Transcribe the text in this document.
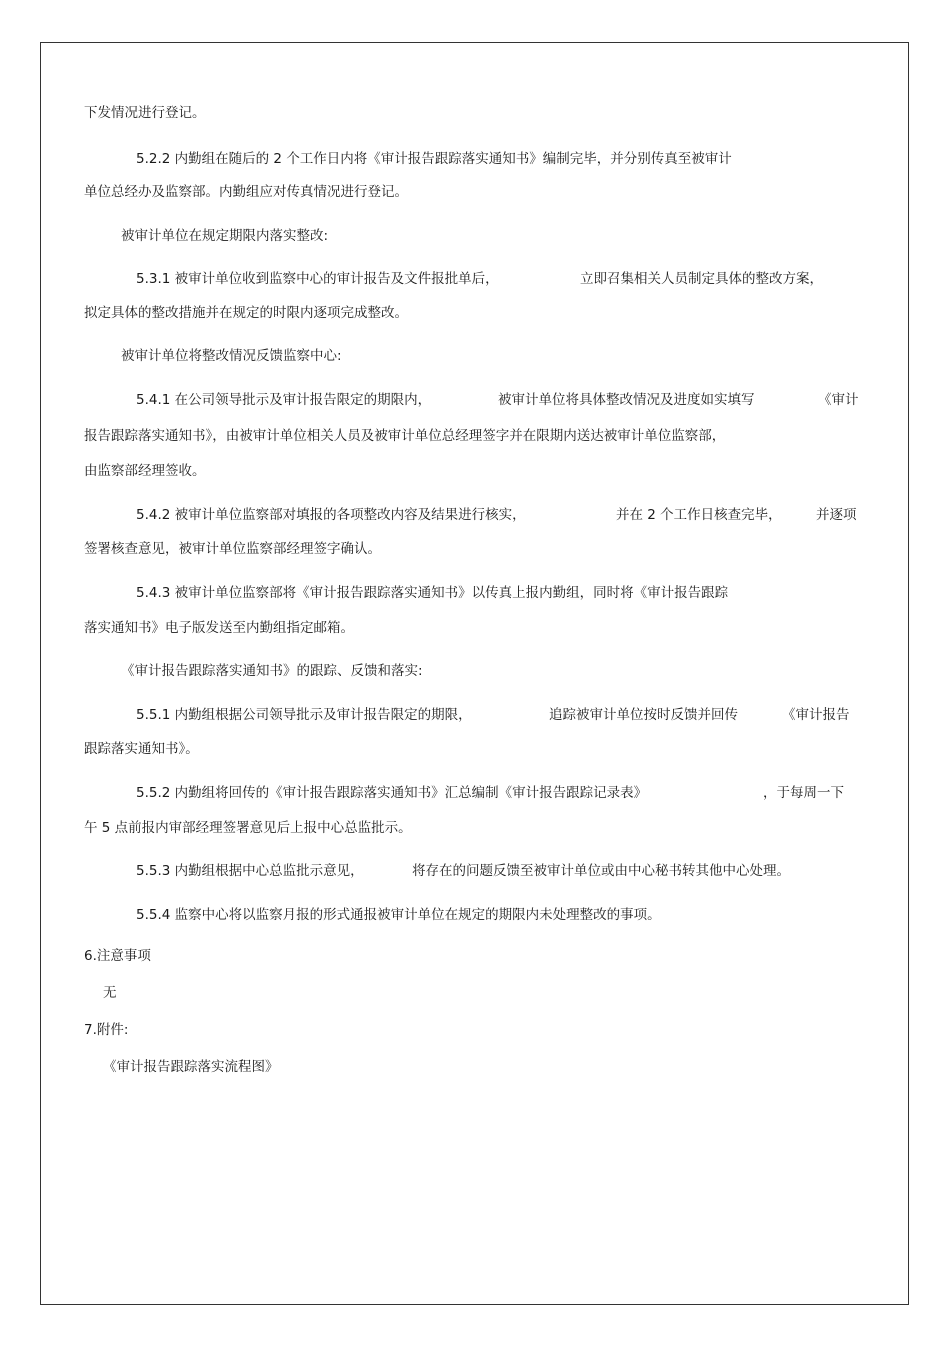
下发情况进行登记。
5.2.2 内勤组在随后的 2 个工作日内将《审计报告跟踪落实通知书》编制完毕，并分别传真至被审计
单位总经办及监察部。内勤组应对传真情况进行登记。
被审计单位在规定期限内落实整改:
5.3.1 被审计单位收到监察中心的审计报告及文件报批单后，	立即召集相关人员制定具体的整改方案，
拟定具体的整改措施并在规定的时限内逐项完成整改。
被审计单位将整改情况反馈监察中心:
5.4.1 在公司领导批示及审计报告限定的期限内，	被审计单位将具体整改情况及进度如实填写	《审计
报告跟踪落实通知书》，由被审计单位相关人员及被审计单位总经理签字并在限期内送达被审计单位监察部，
由监察部经理签收。
5.4.2 被审计单位监察部对填报的各项整改内容及结果进行核实，	并在 2 个工作日核查完毕，	并逐项
签署核查意见，被审计单位监察部经理签字确认。
5.4.3 被审计单位监察部将《审计报告跟踪落实通知书》以传真上报内勤组，同时将《审计报告跟踪
落实通知书》电子版发送至内勤组指定邮箱。
《审计报告跟踪落实通知书》的跟踪、反馈和落实:
5.5.1 内勤组根据公司领导批示及审计报告限定的期限，	追踪被审计单位按时反馈并回传	《审计报告
跟踪落实通知书》。
5.5.2 内勤组将回传的《审计报告跟踪落实通知书》汇总编制《审计报告跟踪记录表》	，于每周一下
午 5 点前报内审部经理签署意见后上报中心总监批示。
5.5.3 内勤组根据中心总监批示意见，	将存在的问题反馈至被审计单位或由中心秘书转其他中心处理。
5.5.4 监察中心将以监察月报的形式通报被审计单位在规定的期限内未处理整改的事项。
6.注意事项
无
7.附件:
《审计报告跟踪落实流程图》
